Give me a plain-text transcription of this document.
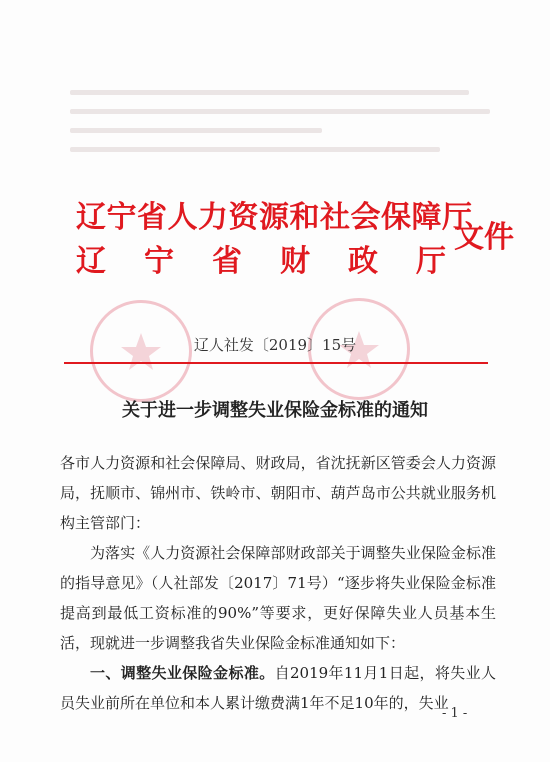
辽宁省人力资源和社会保障厅
辽 宁 省 财 政 厅
文件
辽人社发〔2019〕15号
关于进一步调整失业保险金标准的通知

各市人力资源和社会保障局、财政局，省沈抚新区管委会人力资源局，抚顺市、锦州市、铁岭市、朝阳市、葫芦岛市公共就业服务机构主管部门：

为落实《人力资源社会保障部财政部关于调整失业保险金标准的指导意见》（人社部发〔2017〕71号）“逐步将失业保险金标准提高到最低工资标准的90%”等要求，更好保障失业人员基本生活，现就进一步调整我省失业保险金标准通知如下：

一、调整失业保险金标准。自2019年11月1日起，将失业人员失业前所在单位和本人累计缴费满1年不足10年的，失业

- 1 -
